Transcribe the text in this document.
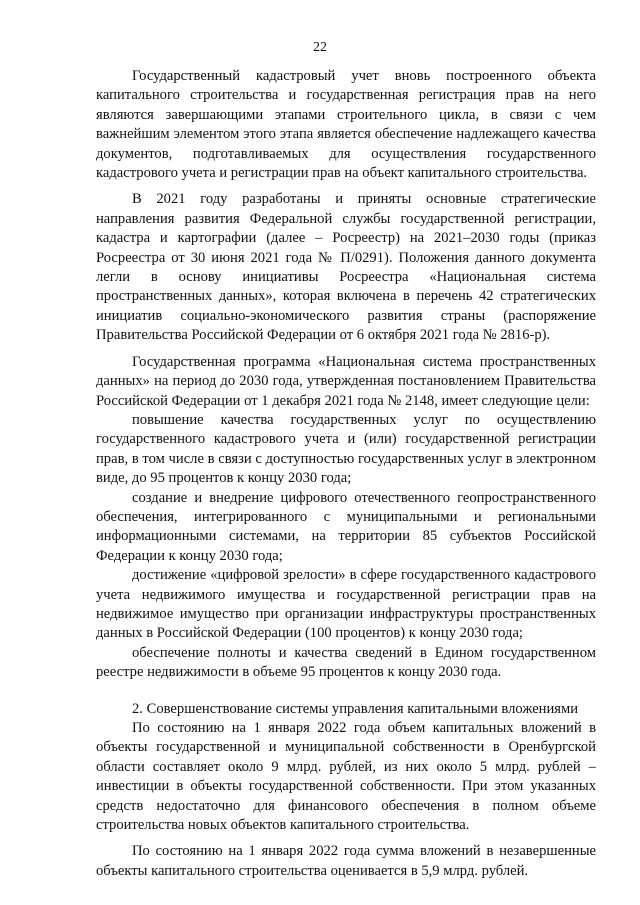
22

Государственный кадастровый учет вновь построенного объекта капитального строительства и государственная регистрация прав на него являются завершающими этапами строительного цикла, в связи с чем важнейшим элементом этого этапа является обеспечение надлежащего качества документов, подготавливаемых для осуществления государственного кадастрового учета и регистрации прав на объект капитального строительства.

В 2021 году разработаны и приняты основные стратегические направления развития Федеральной службы государственной регистрации, кадастра и картографии (далее – Росреестр) на 2021–2030 годы (приказ Росреестра от 30 июня 2021 года № П/0291). Положения данного документа легли в основу инициативы Росреестра «Национальная система пространственных данных», которая включена в перечень 42 стратегических инициатив социально-экономического развития страны (распоряжение Правительства Российской Федерации от 6 октября 2021 года № 2816-р).

Государственная программа «Национальная система пространственных данных» на период до 2030 года, утвержденная постановлением Правительства Российской Федерации от 1 декабря 2021 года № 2148, имеет следующие цели:

повышение качества государственных услуг по осуществлению государственного кадастрового учета и (или) государственной регистрации прав, в том числе в связи с доступностью государственных услуг в электронном виде, до 95 процентов к концу 2030 года;

создание и внедрение цифрового отечественного геопространственного обеспечения, интегрированного с муниципальными и региональными информационными системами, на территории 85 субъектов Российской Федерации к концу 2030 года;

достижение «цифровой зрелости» в сфере государственного кадастрового учета недвижимого имущества и государственной регистрации прав на недвижимое имущество при организации инфраструктуры пространственных данных в Российской Федерации (100 процентов) к концу 2030 года;

обеспечение полноты и качества сведений в Едином государственном реестре недвижимости в объеме 95 процентов к концу 2030 года.

2. Совершенствование системы управления капитальными вложениями

По состоянию на 1 января 2022 года объем капитальных вложений в объекты государственной и муниципальной собственности в Оренбургской области составляет около 9 млрд. рублей, из них около 5 млрд. рублей – инвестиции в объекты государственной собственности. При этом указанных средств недостаточно для финансового обеспечения в полном объеме строительства новых объектов капитального строительства.

По состоянию на 1 января 2022 года сумма вложений в незавершенные объекты капитального строительства оценивается в 5,9 млрд. рублей.
